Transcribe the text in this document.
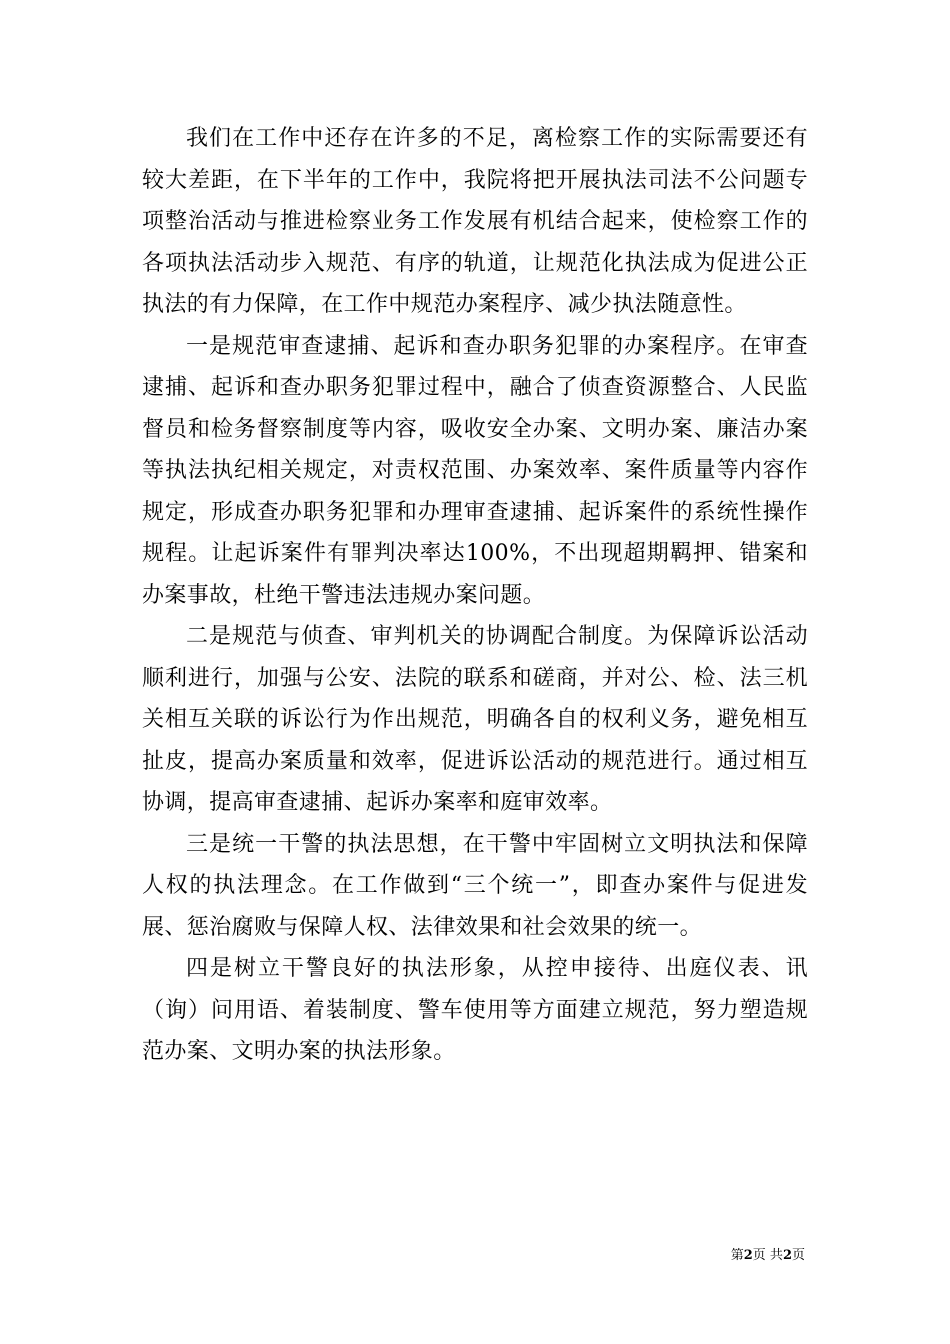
我们在工作中还存在许多的不足，离检察工作的实际需要还有较大差距，在下半年的工作中，我院将把开展执法司法不公问题专项整治活动与推进检察业务工作发展有机结合起来，使检察工作的各项执法活动步入规范、有序的轨道，让规范化执法成为促进公正执法的有力保障，在工作中规范办案程序、减少执法随意性。

一是规范审查逮捕、起诉和查办职务犯罪的办案程序。在审查逮捕、起诉和查办职务犯罪过程中，融合了侦查资源整合、人民监督员和检务督察制度等内容，吸收安全办案、文明办案、廉洁办案等执法执纪相关规定，对责权范围、办案效率、案件质量等内容作规定，形成查办职务犯罪和办理审查逮捕、起诉案件的系统性操作规程。让起诉案件有罪判决率达100%，不出现超期羁押、错案和办案事故，杜绝干警违法违规办案问题。

二是规范与侦查、审判机关的协调配合制度。为保障诉讼活动顺利进行，加强与公安、法院的联系和磋商，并对公、检、法三机关相互关联的诉讼行为作出规范，明确各自的权利义务，避免相互扯皮，提高办案质量和效率，促进诉讼活动的规范进行。通过相互协调，提高审查逮捕、起诉办案率和庭审效率。

三是统一干警的执法思想，在干警中牢固树立文明执法和保障人权的执法理念。在工作做到“三个统一”，即查办案件与促进发展、惩治腐败与保障人权、法律效果和社会效果的统一。

四是树立干警良好的执法形象，从控申接待、出庭仪表、讯（询）问用语、着装制度、警车使用等方面建立规范，努力塑造规范办案、文明办案的执法形象。

第2页 共2页
